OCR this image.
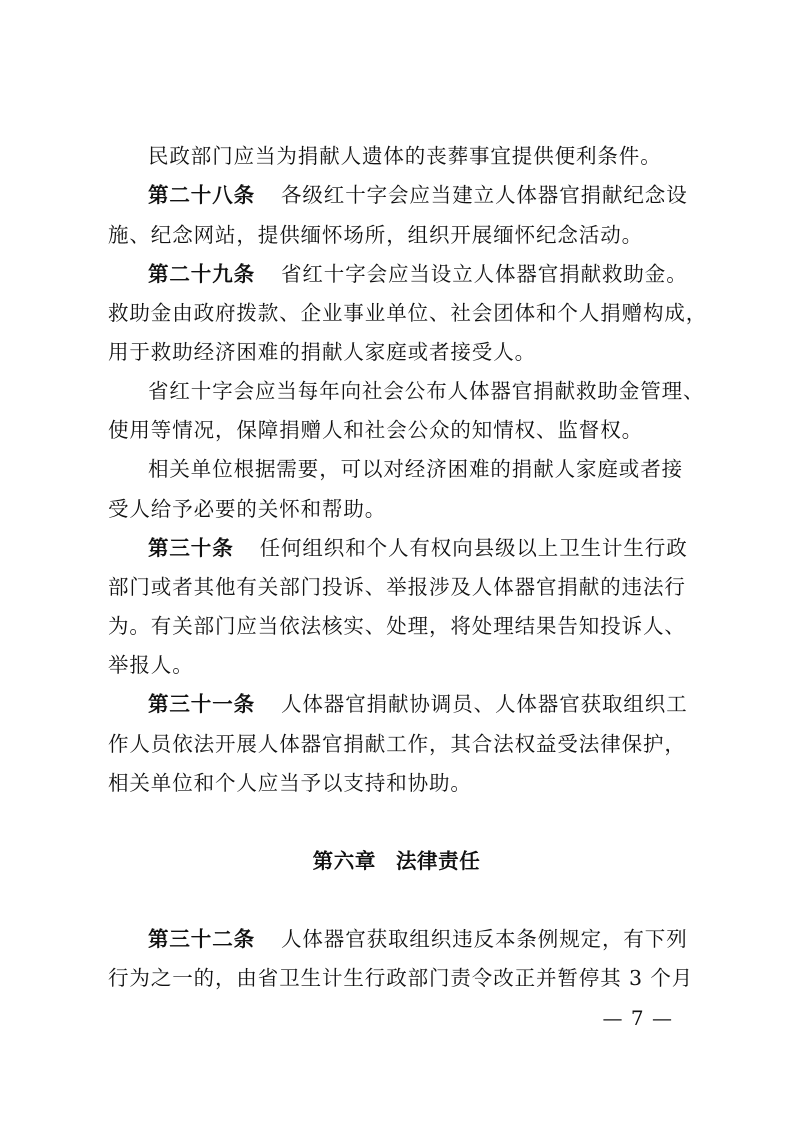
民政部门应当为捐献人遗体的丧葬事宜提供便利条件。
第二十八条 各级红十字会应当建立人体器官捐献纪念设
施、纪念网站，提供缅怀场所，组织开展缅怀纪念活动。
第二十九条 省红十字会应当设立人体器官捐献救助金。
救助金由政府拨款、企业事业单位、社会团体和个人捐赠构成，
用于救助经济困难的捐献人家庭或者接受人。
省红十字会应当每年向社会公布人体器官捐献救助金管理、
使用等情况，保障捐赠人和社会公众的知情权、监督权。
相关单位根据需要，可以对经济困难的捐献人家庭或者接
受人给予必要的关怀和帮助。
第三十条 任何组织和个人有权向县级以上卫生计生行政
部门或者其他有关部门投诉、举报涉及人体器官捐献的违法行
为。有关部门应当依法核实、处理，将处理结果告知投诉人、
举报人。
第三十一条 人体器官捐献协调员、人体器官获取组织工
作人员依法开展人体器官捐献工作，其合法权益受法律保护，
相关单位和个人应当予以支持和协助。
第六章 法律责任
第三十二条 人体器官获取组织违反本条例规定，有下列
行为之一的，由省卫生计生行政部门责令改正并暂停其 3 个月
— 7 —
